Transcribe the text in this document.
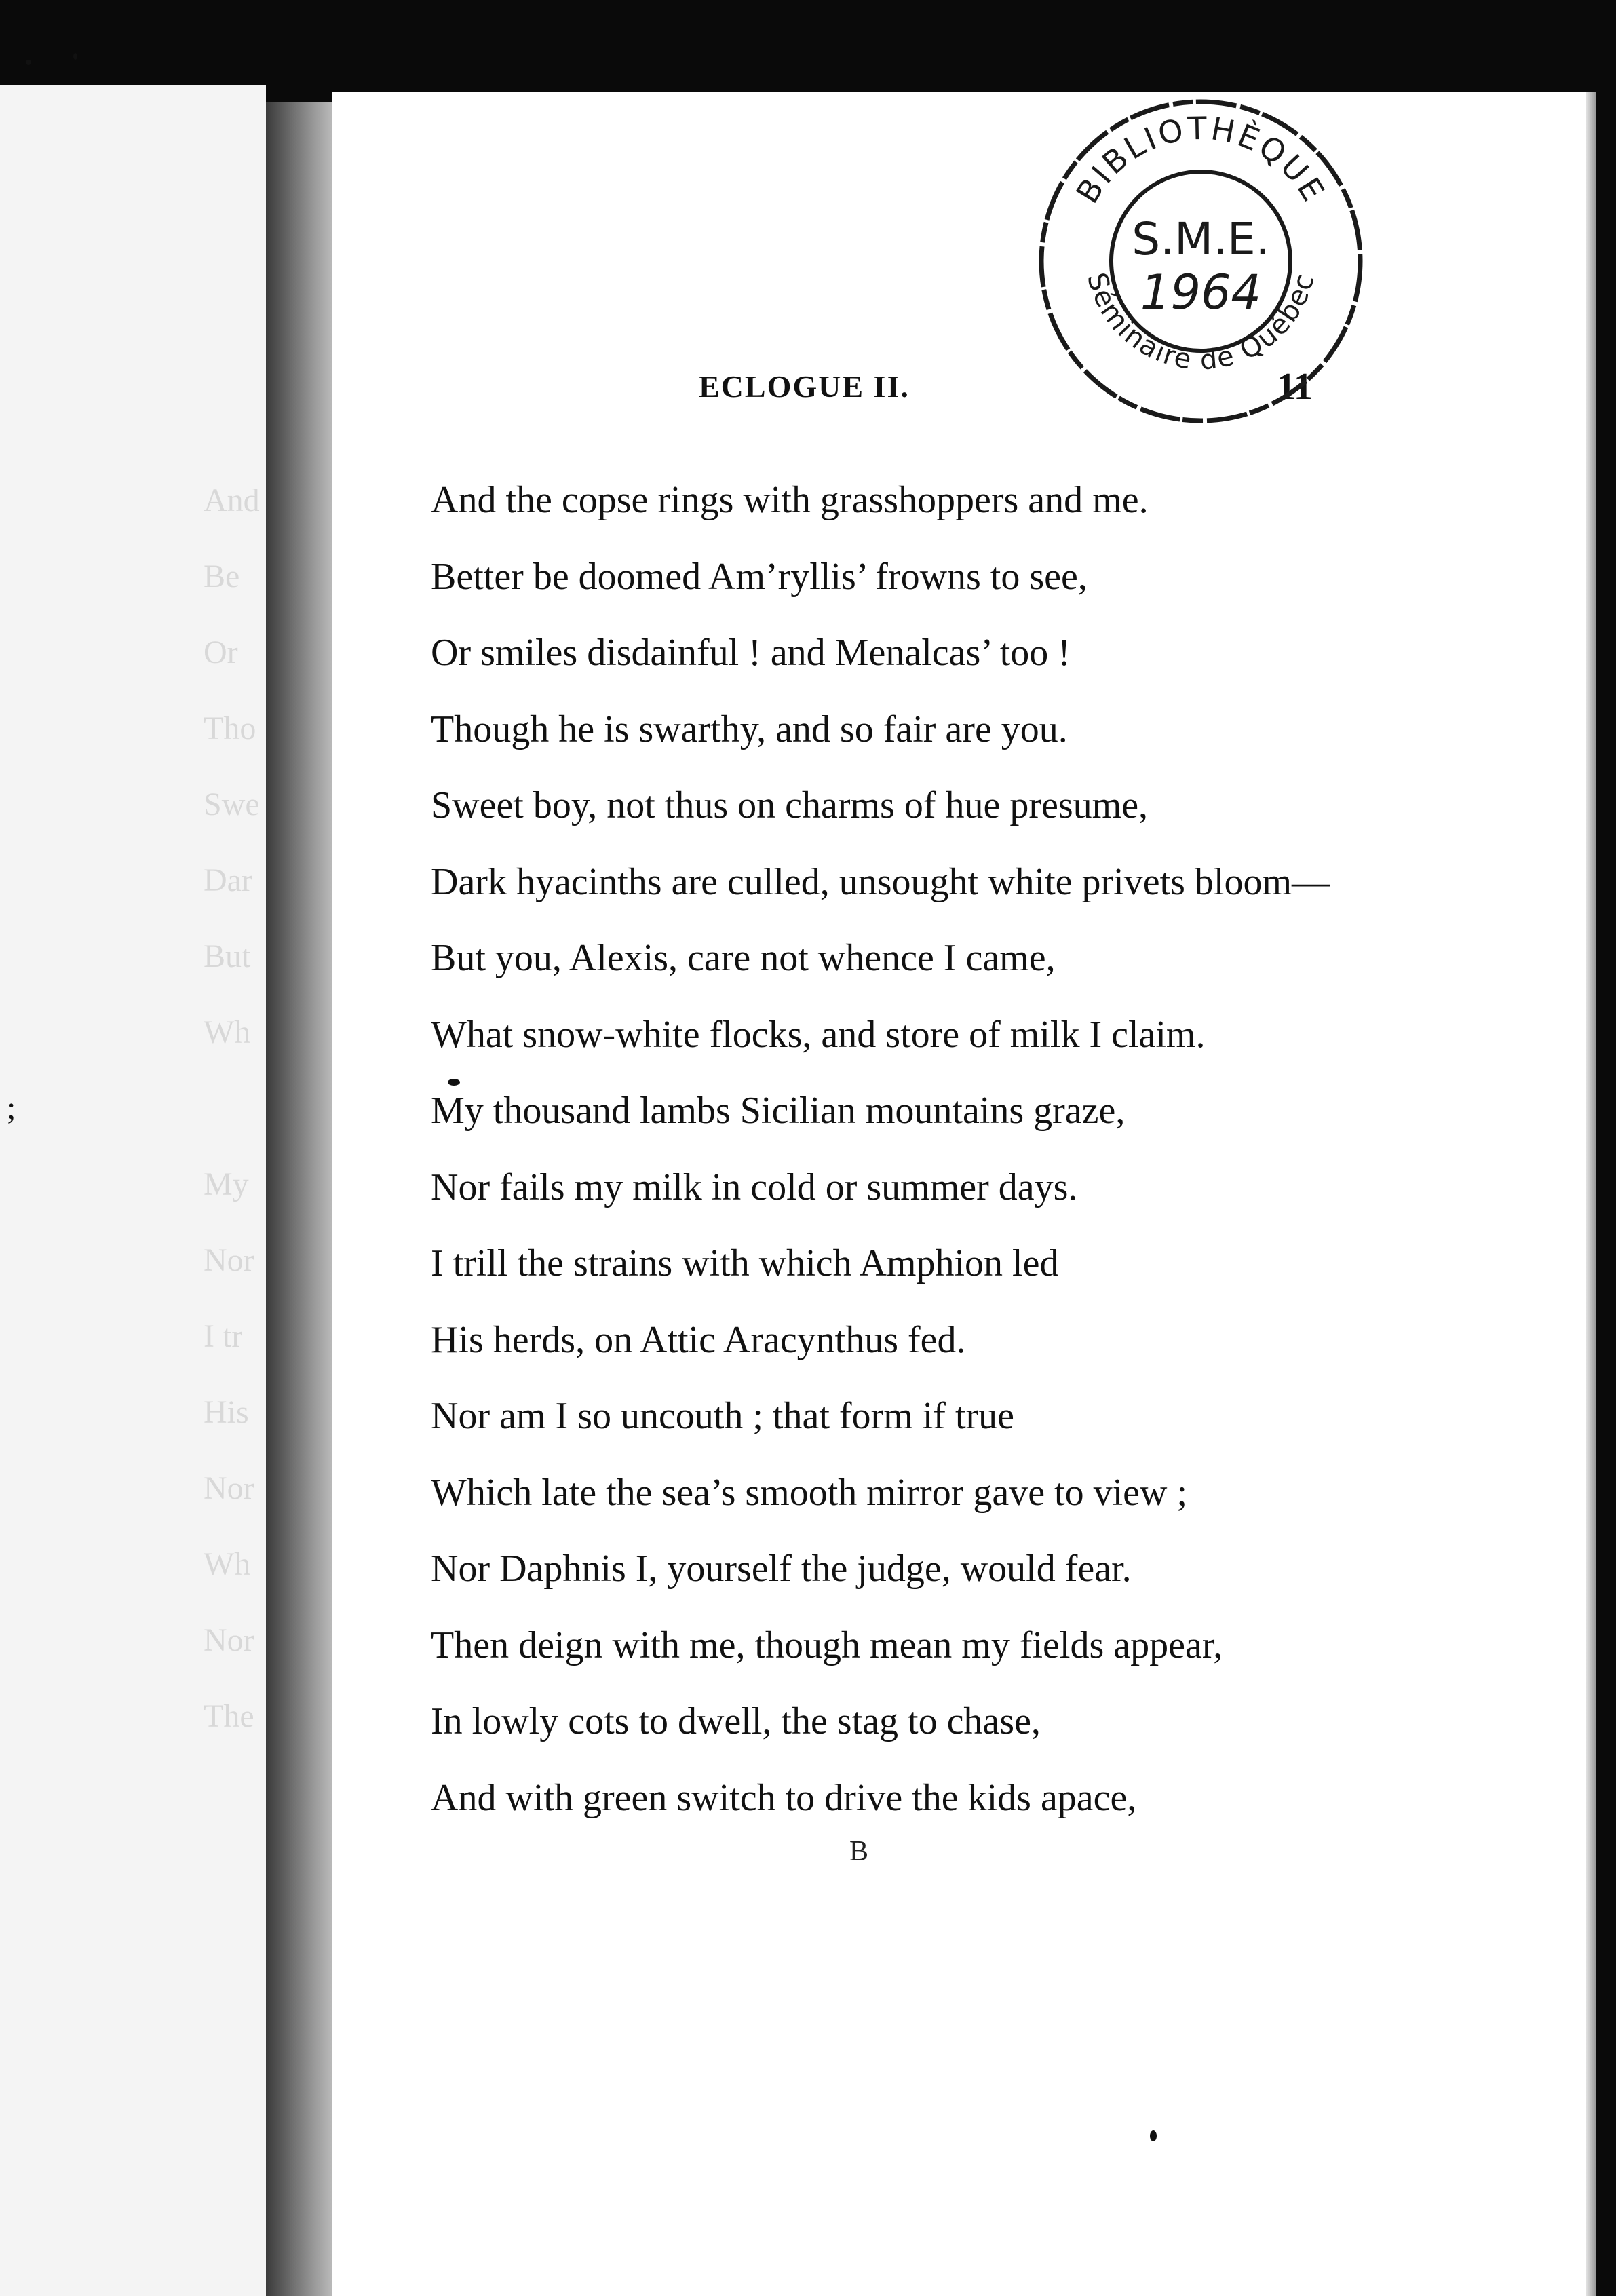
And
Be
Or
Tho
Swe
Dar
But
Wh
;
My
Nor
I tr
His
Nor
Wh
Nor
The
ECLOGUE II.	11
BIBLIOTHÈQUE
Séminaire de Québec
S.M.E.
1964
And the copse rings with grasshoppers and me.
Better be doomed Am’ryllis’ frowns to see,
Or smiles disdainful ! and Menalcas’ too !
Though he is swarthy, and so fair are you.
Sweet boy, not thus on charms of hue presume,
Dark hyacinths are culled, unsought white privets bloom—
But you, Alexis, care not whence I came,
What snow-white flocks, and store of milk I claim.
My thousand lambs Sicilian mountains graze,
Nor fails my milk in cold or summer days.
I trill the strains with which Amphion led
His herds, on Attic Aracynthus fed.
Nor am I so uncouth ; that form if true
Which late the sea’s smooth mirror gave to view ;
Nor Daphnis I, yourself the judge, would fear.
Then deign with me, though mean my fields appear,
In lowly cots to dwell, the stag to chase,
And with green switch to drive the kids apace,
B
